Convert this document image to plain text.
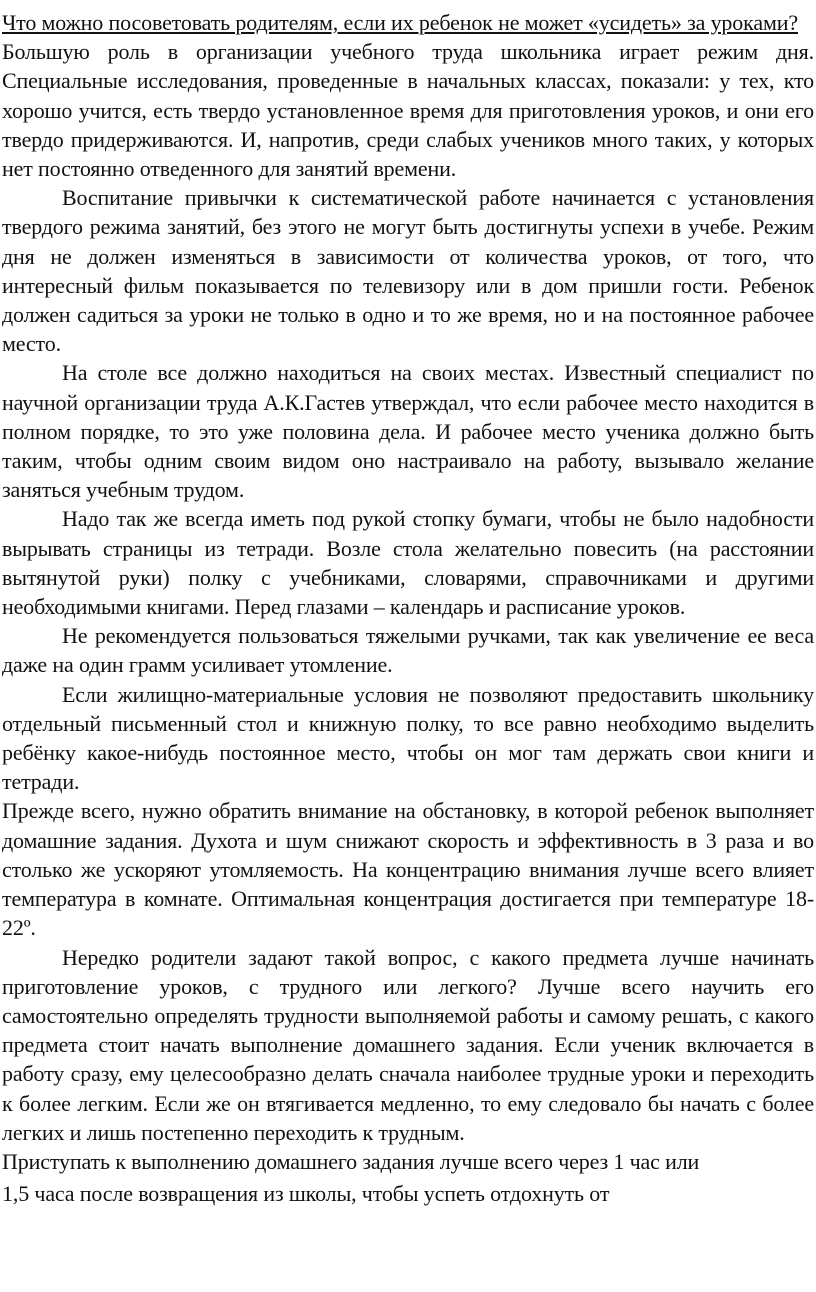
Что можно посоветовать родителям, если их ребенок не может «усидеть» за уроками?

Большую роль в организации учебного труда школьника играет режим дня. Специальные исследования, проведенные в начальных классах, показали: у тех, кто хорошо учится, есть твердо установленное время для приготовления уроков, и они его твердо придерживаются. И, напротив, среди слабых учеников много таких, у которых нет постоянно отведенного для занятий времени.

Воспитание привычки к систематической работе начинается с установления твердого режима занятий, без этого не могут быть достигнуты успехи в учебе. Режим дня не должен изменяться в зависимости от количества уроков, от того, что интересный фильм показывается по телевизору или в дом пришли гости. Ребенок должен садиться за уроки не только в одно и то же время, но и на постоянное рабочее место.

На столе все должно находиться на своих местах. Известный специалист по научной организации труда А.К.Гастев утверждал, что если рабочее место находится в полном порядке, то это уже половина дела. И рабочее место ученика должно быть таким, чтобы одним своим видом оно настраивало на работу, вызывало желание заняться учебным трудом.

Надо так же всегда иметь под рукой стопку бумаги, чтобы не было надобности вырывать страницы из тетради. Возле стола желательно повесить (на расстоянии вытянутой руки) полку с учебниками, словарями, справочниками и другими необходимыми книгами. Перед глазами – календарь и расписание уроков.

Не рекомендуется пользоваться тяжелыми ручками, так как увеличение ее веса даже на один грамм усиливает утомление.

Если жилищно-материальные условия не позволяют предоставить школьнику отдельный письменный стол и книжную полку, то все равно необходимо выделить ребёнку какое-нибудь постоянное место, чтобы он мог там держать свои книги и тетради.

Прежде всего, нужно обратить внимание на обстановку, в которой ребенок выполняет домашние задания. Духота и шум снижают скорость и эффективность в 3 раза и во столько же ускоряют утомляемость. На концентрацию внимания лучше всего влияет температура в комнате. Оптимальная концентрация достигается при температуре 18-22º.

Нередко родители задают такой вопрос, с какого предмета лучше начинать приготовление уроков, с трудного или легкого? Лучше всего научить его самостоятельно определять трудности выполняемой работы и самому решать, с какого предмета стоит начать выполнение домашнего задания. Если ученик включается в работу сразу, ему целесообразно делать сначала наиболее трудные уроки и переходить к более легким. Если же он втягивается медленно, то ему следовало бы начать с более легких и лишь постепенно переходить к трудным.

Приступать к выполнению домашнего задания лучше всего через 1 час или
1,5 часа после возвращения из школы, чтобы успеть отдохнуть от
